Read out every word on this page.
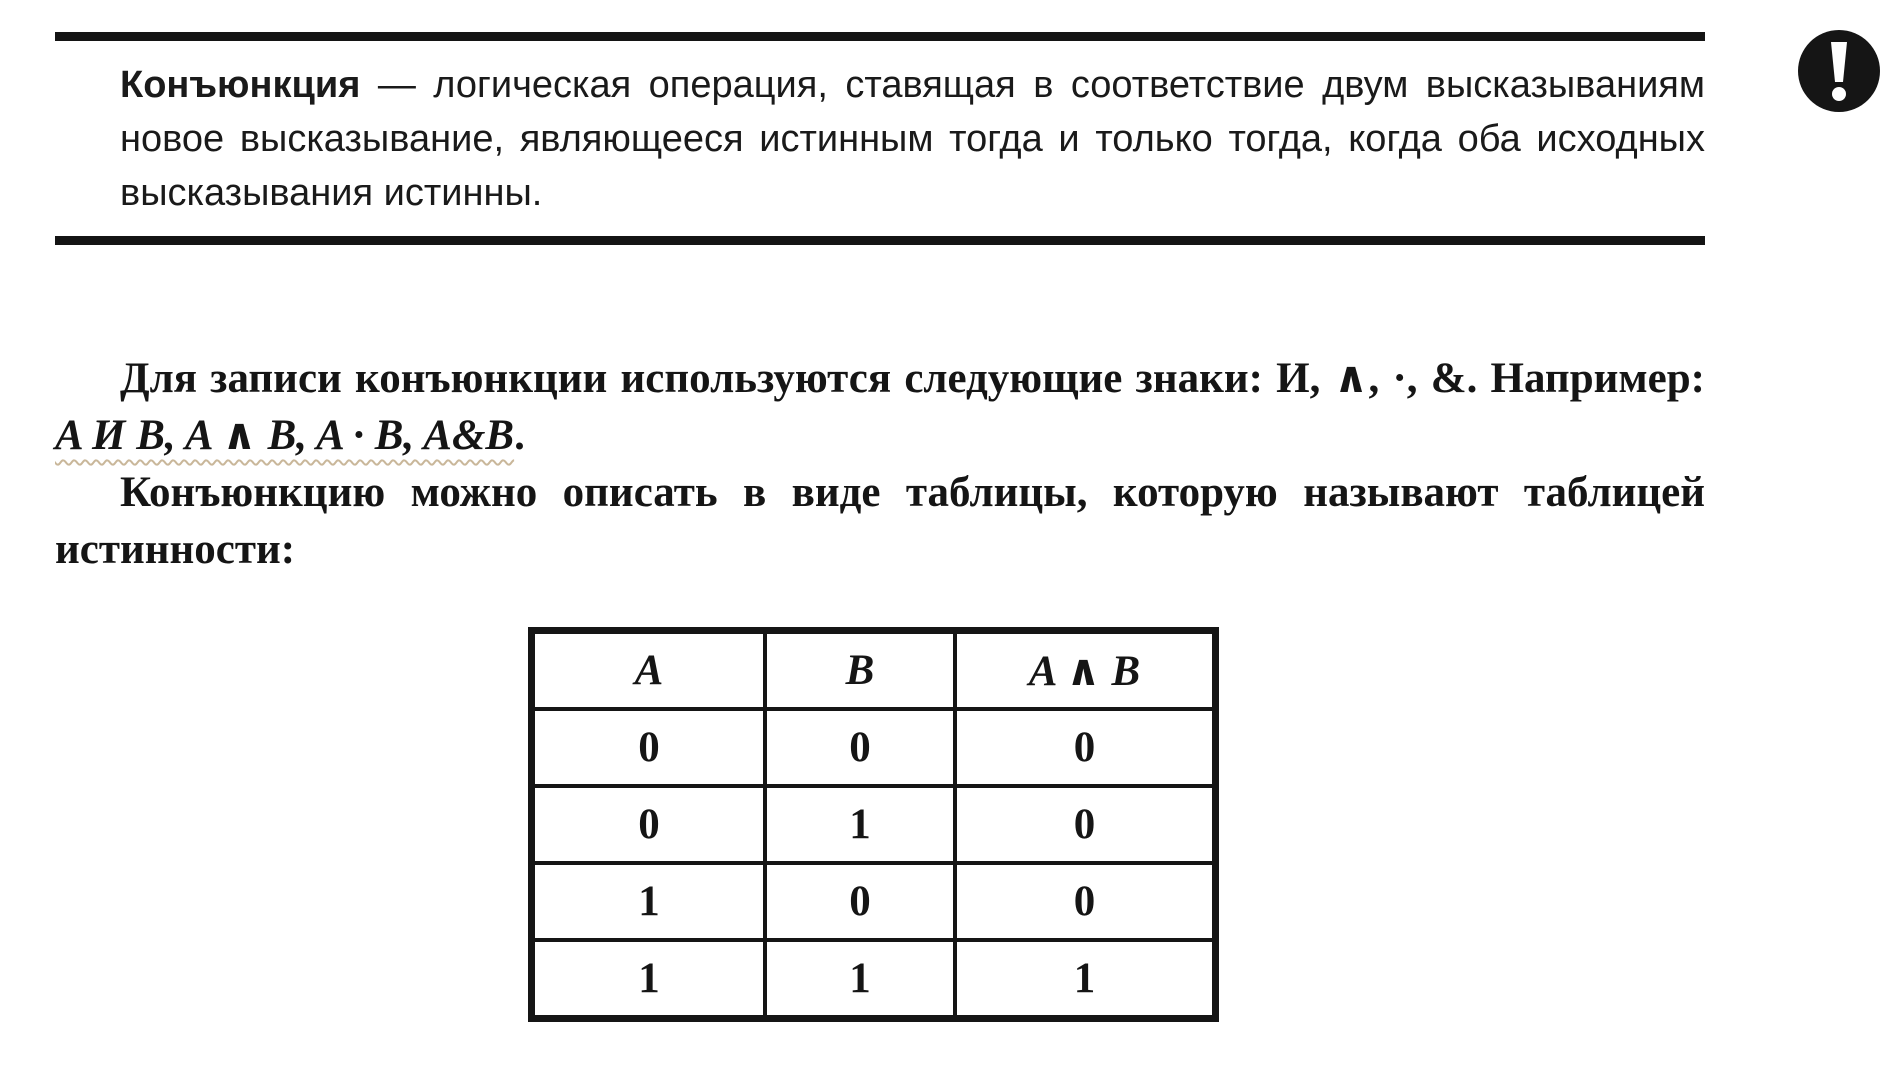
Конъюнкция — логическая операция, ставящая в соответствие двум высказываниям новое высказывание, являющееся истинным тогда и только тогда, когда оба исходных высказывания истинны.

Для записи конъюнкции используются следующие знаки: И, ∧, ·, &. Например: A И B, A ∧ B, A · B, A&B.

Конъюнкцию можно описать в виде таблицы, которую называют таблицей истинности:

A	B	A ∧ B
0	0	0
0	1	0
1	0	0
1	1	1
